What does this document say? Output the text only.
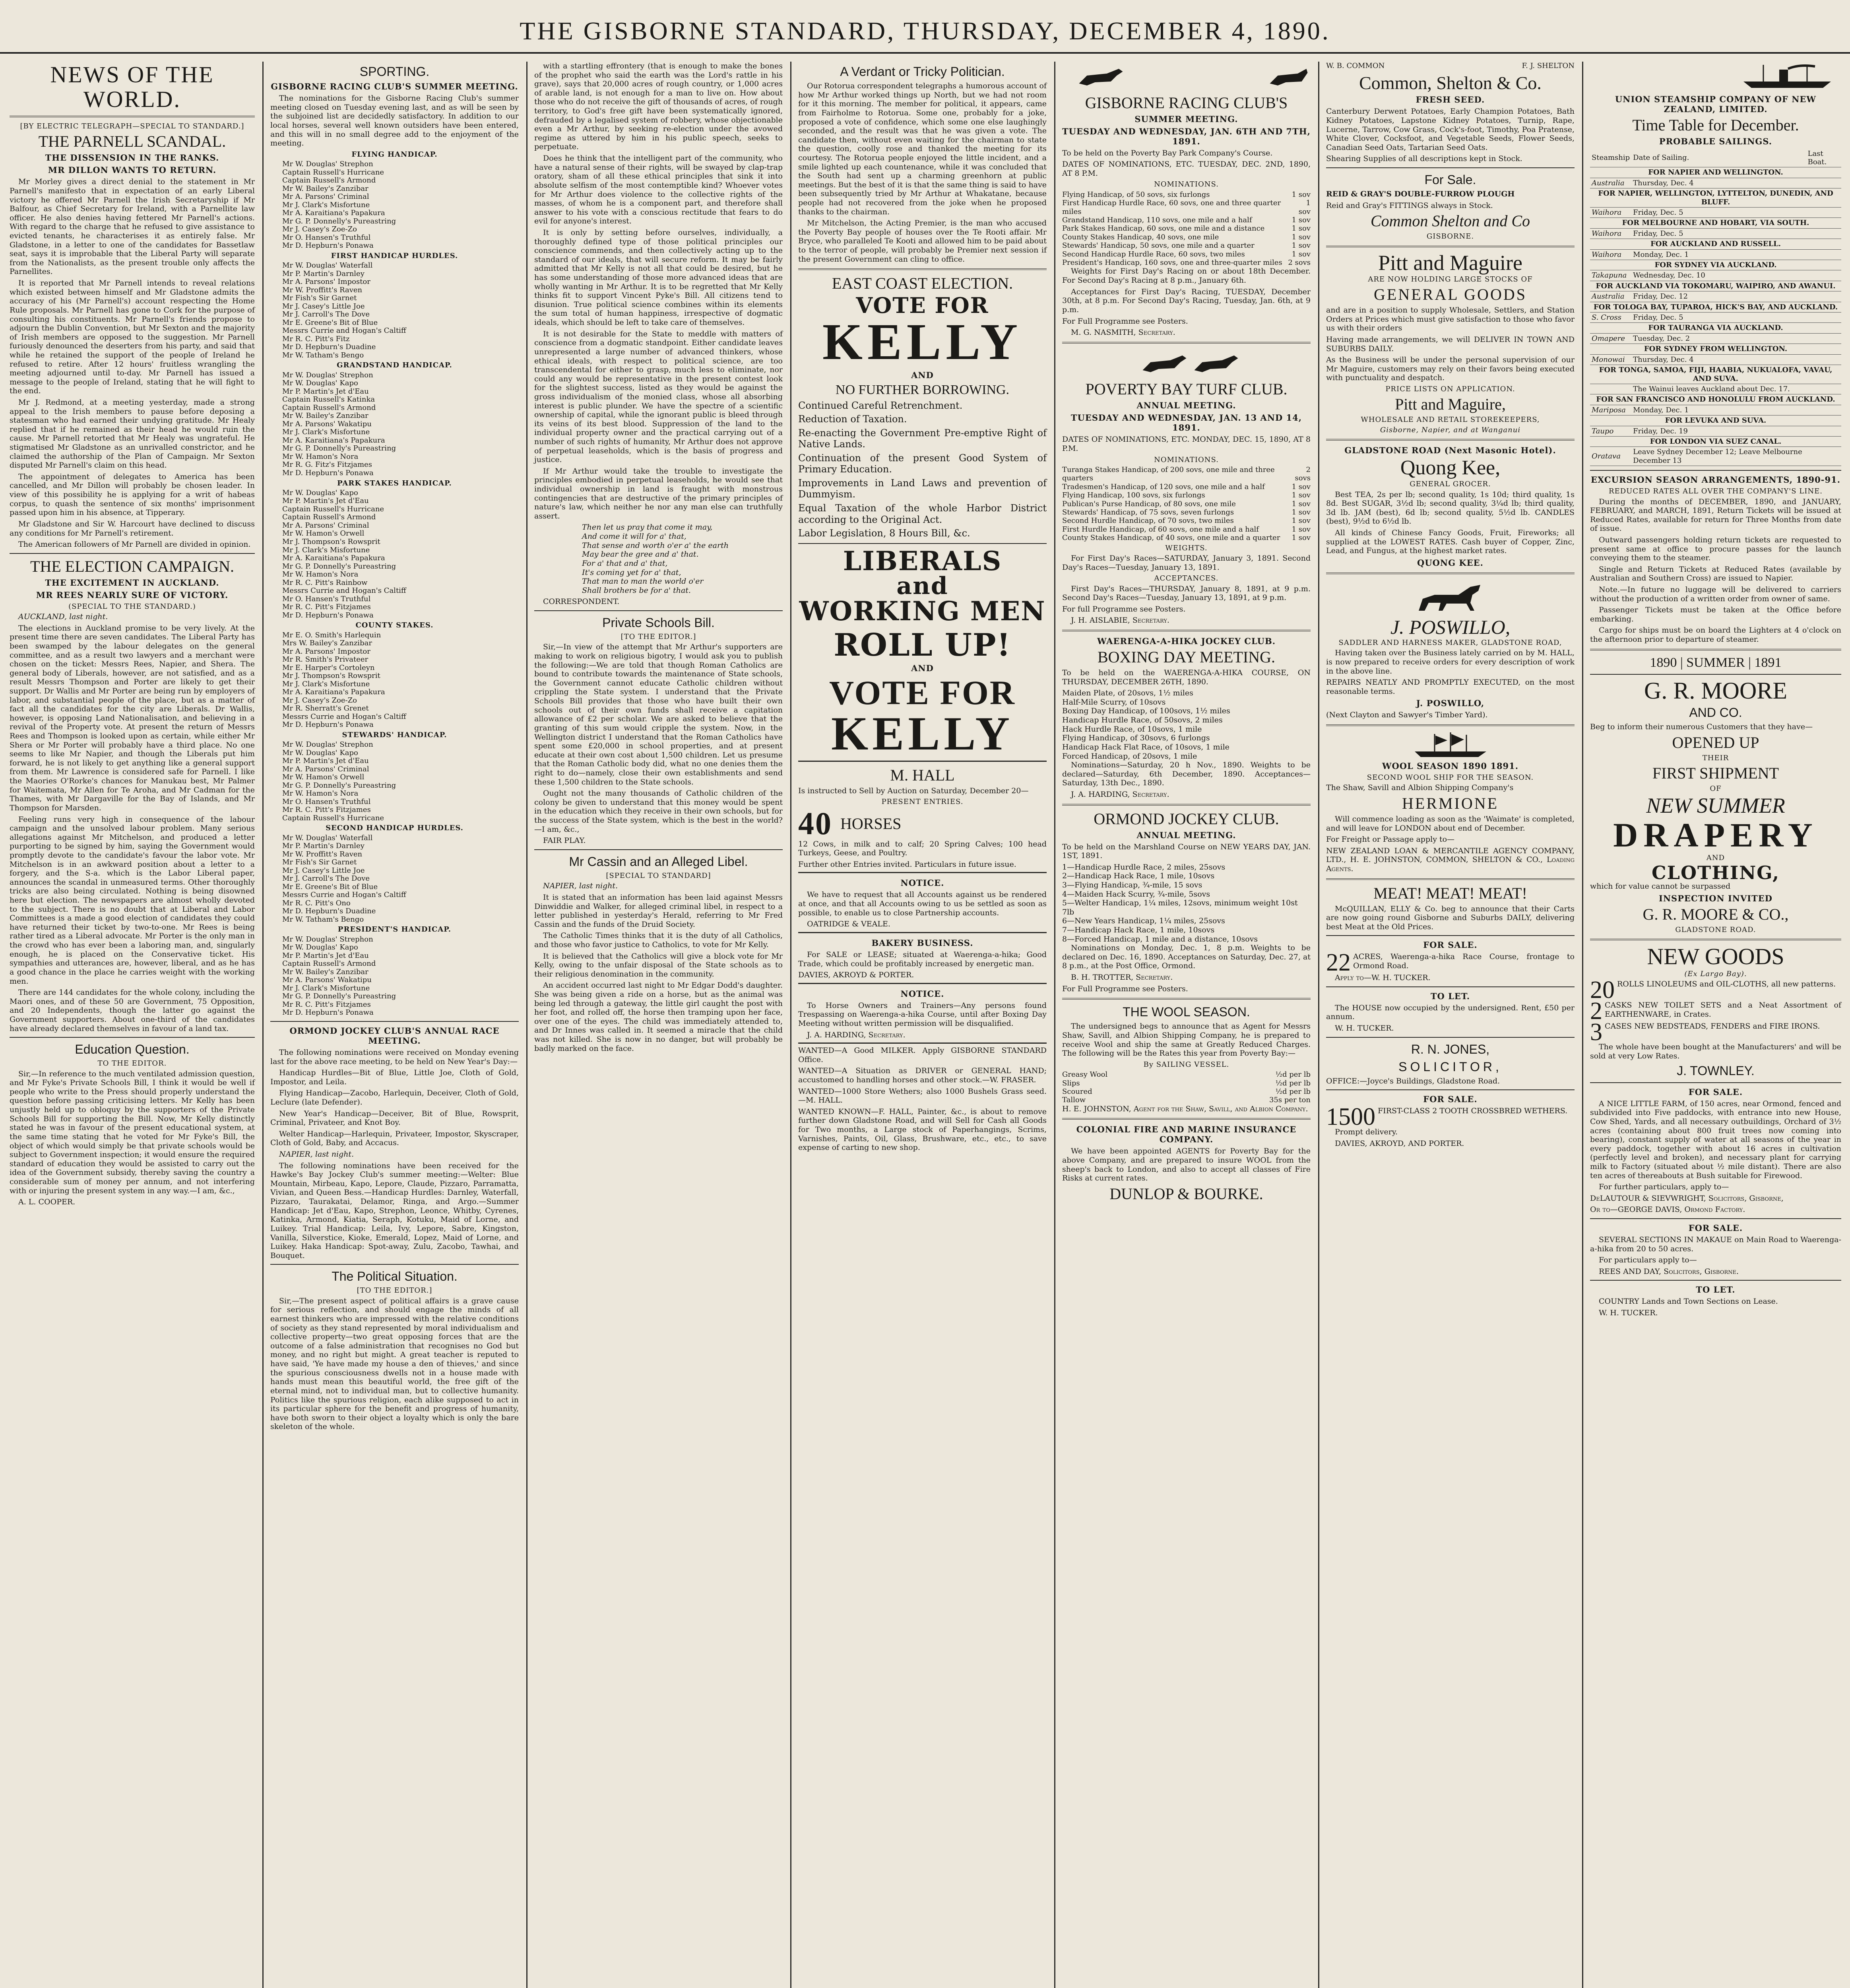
THE GISBORNE STANDARD, THURSDAY, DECEMBER 4, 1890.
NEWS OF THE
WORLD.
[BY ELECTRIC TELEGRAPH—SPECIAL TO STANDARD.]
THE PARNELL SCANDAL.
THE DISSENSION IN THE RANKS.
MR DILLON WANTS TO RETURN.

Mr Morley gives a direct denial to the statement in Mr Parnell's manifesto that in expectation of an early Liberal victory he offered Mr Parnell the Irish Secretaryship if Mr Balfour, as Chief Secretary for Ireland, with a Parnellite law officer. He also denies having fettered Mr Parnell's actions. With regard to the charge that he refused to give assistance to evicted tenants, he characterises it as entirely false. Mr Gladstone, in a letter to one of the candidates for Bassetlaw seat, says it is improbable that the Liberal Party will separate from the Nationalists, as the present trouble only affects the Parnellites.

It is reported that Mr Parnell intends to reveal relations which existed between himself and Mr Gladstone admits the accuracy of his (Mr Parnell's) account respecting the Home Rule proposals. Mr Parnell has gone to Cork for the purpose of consulting his constituents. Mr Parnell's friends propose to adjourn the Dublin Convention, but Mr Sexton and the majority of Irish members are opposed to the suggestion. Mr Parnell furiously denounced the deserters from his party, and said that while he retained the support of the people of Ireland he refused to retire. After 12 hours' fruitless wrangling the meeting adjourned until to-day. Mr Parnell has issued a message to the people of Ireland, stating that he will fight to the end.

Mr J. Redmond, at a meeting yesterday, made a strong appeal to the Irish members to pause before deposing a statesman who had earned their undying gratitude. Mr Healy replied that if he remained as their head he would ruin the cause. Mr Parnell retorted that Mr Healy was ungrateful. He stigmatised Mr Gladstone as an unrivalled constrictor, and he claimed the authorship of the Plan of Campaign. Mr Sexton disputed Mr Parnell's claim on this head.

The appointment of delegates to America has been cancelled, and Mr Dillon will probably be chosen leader. In view of this possibility he is applying for a writ of habeas corpus, to quash the sentence of six months' imprisonment passed upon him in his absence, at Tipperary.

Mr Gladstone and Sir W. Harcourt have declined to discuss any conditions for Mr Parnell's retirement.

The American followers of Mr Parnell are divided in opinion.

THE ELECTION CAMPAIGN.
THE EXCITEMENT IN AUCKLAND.
MR REES NEARLY SURE OF VICTORY.
(SPECIAL TO THE STANDARD.)

AUCKLAND, last night.

The elections in Auckland promise to be very lively. At the present time there are seven candidates. The Liberal Party has been swamped by the labour delegates on the general committee, and as a result two lawyers and a merchant were chosen on the ticket: Messrs Rees, Napier, and Shera. The general body of Liberals, however, are not satisfied, and as a result Messrs Thompson and Porter are likely to get their support. Dr Wallis and Mr Porter are being run by employers of labor, and substantial people of the place, but as a matter of fact all the candidates for the city are Liberals. Dr Wallis, however, is opposing Land Nationalisation, and believing in a revival of the Property vote. At present the return of Messrs Rees and Thompson is looked upon as certain, while either Mr Shera or Mr Porter will probably have a third place. No one seems to like Mr Napier, and though the Liberals put him forward, he is not likely to get anything like a general support from them. Mr Lawrence is considered safe for Parnell. I like the Maories O'Rorke's chances for Manukau best, Mr Palmer for Waitemata, Mr Allen for Te Aroha, and Mr Cadman for the Thames, with Mr Dargaville for the Bay of Islands, and Mr Thompson for Marsden.

Feeling runs very high in consequence of the labour campaign and the unsolved labour problem. Many serious allegations against Mr Mitchelson, and produced a letter purporting to be signed by him, saying the Government would promptly devote to the candidate's favour the labor vote. Mr Mitchelson is in an awkward position about a letter to a forgery, and the S-a. which is the Labor Liberal paper, announces the scandal in unmeasured terms. Other thoroughly tricks are also being circulated. Nothing is being disowned here but election. The newspapers are almost wholly devoted to the subject. There is no doubt that at Liberal and Labor Committees is a made a good election of candidates they could have returned their ticket by two-to-one. Mr Rees is being rather tired as a Liberal advocate. Mr Porter is the only man in the crowd who has ever been a laboring man, and, singularly enough, he is placed on the Conservative ticket. His sympathies and utterances are, however, liberal, and as he has a good chance in the place he carries weight with the working men.

There are 144 candidates for the whole colony, including the Maori ones, and of these 50 are Government, 75 Opposition, and 20 Independents, though the latter go against the Government supporters. About one-third of the candidates have already declared themselves in favour of a land tax.

Education Question.
TO THE EDITOR.

Sir,—In reference to the much ventilated admission question, and Mr Fyke's Private Schools Bill, I think it would be well if people who write to the Press should properly understand the question before passing criticising letters. Mr Kelly has been unjustly held up to obloquy by the supporters of the Private Schools Bill for supporting the Bill. Now, Mr Kelly distinctly stated he was in favour of the present educational system, at the same time stating that he voted for Mr Fyke's Bill, the object of which would simply be that private schools would be subject to Government inspection; it would ensure the required standard of education they would be assisted to carry out the idea of the Government subsidy, thereby saving the country a considerable sum of money per annum, and not interfering with or injuring the present system in any way.—I am, &c.,

A. L. COOPER.

SPORTING.
GISBORNE RACING CLUB'S SUMMER MEETING.

The nominations for the Gisborne Racing Club's summer meeting closed on Tuesday evening last, and as will be seen by the subjoined list are decidedly satisfactory. In addition to our local horses, several well known outsiders have been entered, and this will in no small degree add to the enjoyment of the meeting.

FLYING HANDICAP.
Mr W. Douglas' Strephon
Captain Russell's Hurricane
Captain Russell's Armond
Mr W. Bailey's Zanzibar
Mr A. Parsons' Criminal
Mr J. Clark's Misfortune
Mr A. Karaitiana's Papakura
Mr G. P. Donnelly's Pureastring
Mr J. Casey's Zoe-Zo
Mr O. Hansen's Truthful
Mr D. Hepburn's Ponawa
FIRST HANDICAP HURDLES.
Mr W. Douglas' Waterfall
Mr P. Martin's Darnley
Mr A. Parsons' Impostor
Mr W. Proffitt's Raven
Mr Fish's Sir Garnet
Mr J. Casey's Little Joe
Mr J. Carroll's The Dove
Mr E. Greene's Bit of Blue
Messrs Currie and Hogan's Caltiff
Mr R. C. Pitt's Fitz
Mr D. Hepburn's Duadine
Mr W. Tatham's Bengo
GRANDSTAND HANDICAP.
Mr W. Douglas' Strephon
Mr W. Douglas' Kapo
Mr P. Martin's Jet d'Eau
Captain Russell's Katinka
Captain Russell's Armond
Mr W. Bailey's Zanzibar
Mr A. Parsons' Wakatipu
Mr J. Clark's Misfortune
Mr A. Karaitiana's Papakura
Mr G. P. Donnelly's Pureastring
Mr W. Hamon's Nora
Mr R. G. Fitz's Fitzjames
Mr D. Hepburn's Ponawa
PARK STAKES HANDICAP.
Mr W. Douglas' Kapo
Mr P. Martin's Jet d'Eau
Captain Russell's Hurricane
Captain Russell's Armond
Mr A. Parsons' Criminal
Mr W. Hamon's Orwell
Mr J. Thompson's Rowsprit
Mr J. Clark's Misfortune
Mr A. Karaitiana's Papakura
Mr G. P. Donnelly's Pureastring
Mr W. Hamon's Nora
Mr R. C. Pitt's Rainbow
Messrs Currie and Hogan's Caltiff
Mr O. Hansen's Truthful
Mr R. C. Pitt's Fitzjames
Mr D. Hepburn's Ponawa
COUNTY STAKES.
Mr E. O. Smith's Harlequin
Mrs W. Bailey's Zanzibar
Mr A. Parsons' Impostor
Mr R. Smith's Privateer
Mr E. Harper's Cortoleyn
Mr J. Thompson's Rowsprit
Mr J. Clark's Misfortune
Mr A. Karaitiana's Papakura
Mr J. Casey's Zoe-Zo
Mr R. Sherratt's Grenet
Messrs Currie and Hogan's Caltiff
Mr D. Hepburn's Ponawa
STEWARDS' HANDICAP.
Mr W. Douglas' Strephon
Mr W. Douglas' Kapo
Mr P. Martin's Jet d'Eau
Mr A. Parsons' Criminal
Mr W. Hamon's Orwell
Mr G. P. Donnelly's Pureastring
Mr W. Hamon's Nora
Mr O. Hansen's Truthful
Mr R. C. Pitt's Fitzjames
Captain Russell's Hurricane
SECOND HANDICAP HURDLES.
Mr W. Douglas' Waterfall
Mr P. Martin's Darnley
Mr W. Proffitt's Raven
Mr Fish's Sir Garnet
Mr J. Casey's Little Joe
Mr J. Carroll's The Dove
Mr E. Greene's Bit of Blue
Messrs Currie and Hogan's Caltiff
Mr R. C. Pitt's Ono
Mr D. Hepburn's Duadine
Mr W. Tatham's Bengo
PRESIDENT'S HANDICAP.
Mr W. Douglas' Strephon
Mr W. Douglas' Kapo
Mr P. Martin's Jet d'Eau
Captain Russell's Armond
Mr W. Bailey's Zanzibar
Mr A. Parsons' Wakatipu
Mr J. Clark's Misfortune
Mr G. P. Donnelly's Pureastring
Mr R. C. Pitt's Fitzjames
Mr D. Hepburn's Ponawa
ORMOND JOCKEY CLUB'S ANNUAL RACE MEETING.

The following nominations were received on Monday evening last for the above race meeting, to be held on New Year's Day:—

Handicap Hurdles—Bit of Blue, Little Joe, Cloth of Gold, Impostor, and Leila.

Flying Handicap—Zacobo, Harlequin, Deceiver, Cloth of Gold, Leclure (late Defender).

New Year's Handicap—Deceiver, Bit of Blue, Rowsprit, Criminal, Privateer, and Knot Boy.

Welter Handicap—Harlequin, Privateer, Impostor, Skyscraper, Cloth of Gold, Baby, and Accacus.

NAPIER, last night.

The following nominations have been received for the Hawke's Bay Jockey Club's summer meeting:—Welter: Blue Mountain, Mirbeau, Kapo, Lepore, Claude, Pizzaro, Parramatta, Vivian, and Queen Bess.—Handicap Hurdles: Darnley, Waterfall, Pizzaro, Taurakatai, Delamor, Ringa, and Argo.—Summer Handicap: Jet d'Eau, Kapo, Strephon, Leonce, Whitby, Cyrenes, Katinka, Armond, Kiatia, Seraph, Kotuku, Maid of Lorne, and Luikey. Trial Handicap: Leila, Ivy, Lepore, Sabre, Kingston, Vanilla, Silverstice, Kioke, Emerald, Lopez, Maid of Lorne, and Luikey. Haka Handicap: Spot-away, Zulu, Zacobo, Tawhai, and Bouquet.

The Political Situation.
[TO THE EDITOR.]

Sir,—The present aspect of political affairs is a grave cause for serious reflection, and should engage the minds of all earnest thinkers who are impressed with the relative conditions of society as they stand represented by moral individualism and collective property—two great opposing forces that are the outcome of a false administration that recognises no God but money, and no right but might. A great teacher is reputed to have said, 'Ye have made my house a den of thieves,' and since the spurious consciousness dwells not in a house made with hands must mean this beautiful world, the free gift of the eternal mind, not to individual man, but to collective humanity. Politics like the spurious religion, each alike supposed to act in its particular sphere for the benefit and progress of humanity, have both sworn to their object a loyalty which is only the bare skeleton of the whole.

with a startling effrontery (that is enough to make the bones of the prophet who said the earth was the Lord's rattle in his grave), says that 20,000 acres of rough country, or 1,000 acres of arable land, is not enough for a man to live on. How about those who do not receive the gift of thousands of acres, of rough territory, to God's free gift have been systematically ignored, defrauded by a legalised system of robbery, whose objectionable even a Mr Arthur, by seeking re-election under the avowed regime as uttered by him in his public speech, seeks to perpetuate.

Does he think that the intelligent part of the community, who have a natural sense of their rights, will be swayed by clap-trap oratory, sham of all these ethical principles that sink it into absolute selfism of the most contemptible kind? Whoever votes for Mr Arthur does violence to the collective rights of the masses, of whom he is a component part, and therefore shall answer to his vote with a conscious rectitude that fears to do evil for anyone's interest.

It is only by setting before ourselves, individually, a thoroughly defined type of those political principles our conscience commends, and then collectively acting up to the standard of our ideals, that will secure reform. It may be fairly admitted that Mr Kelly is not all that could be desired, but he has some understanding of those more advanced ideas that are wholly wanting in Mr Arthur. It is to be regretted that Mr Kelly thinks fit to support Vincent Pyke's Bill. All citizens tend to disunion. True political science combines within its elements the sum total of human happiness, irrespective of dogmatic ideals, which should be left to take care of themselves.

It is not desirable for the State to meddle with matters of conscience from a dogmatic standpoint. Either candidate leaves unrepresented a large number of advanced thinkers, whose ethical ideals, with respect to political science, are too transcendental for either to grasp, much less to eliminate, nor could any would be representative in the present contest look for the slightest success, listed as they would be against the gross individualism of the monied class, whose all absorbing interest is public plunder. We have the spectre of a scientific ownership of capital, while the ignorant public is bleed through its veins of its best blood. Suppression of the land to the individual property owner and the practical carrying out of a number of such rights of humanity, Mr Arthur does not approve of perpetual leaseholds, which is the basis of progress and justice.

If Mr Arthur would take the trouble to investigate the principles embodied in perpetual leaseholds, he would see that individual ownership in land is fraught with monstrous contingencies that are destructive of the primary principles of nature's law, which neither he nor any man else can truthfully assert.

Then let us pray that come it may,
And come it will for a' that,
That sense and worth o'er a' the earth
May bear the gree and a' that.
For a' that and a' that,
It's coming yet for a' that,
That man to man the world o'er
Shall brothers be for a' that.

CORRESPONDENT.

Private Schools Bill.
[TO THE EDITOR.]

Sir,—In view of the attempt that Mr Arthur's supporters are making to work on religious bigotry, I would ask you to publish the following:—We are told that though Roman Catholics are bound to contribute towards the maintenance of State schools, the Government cannot educate Catholic children without crippling the State system. I understand that the Private Schools Bill provides that those who have built their own schools out of their own funds shall receive a capitation allowance of £2 per scholar. We are asked to believe that the granting of this sum would cripple the system. Now, in the Wellington district I understand that the Roman Catholics have spent some £20,000 in school properties, and at present educate at their own cost about 1,500 children. Let us presume that the Roman Catholic body did, what no one denies them the right to do—namely, close their own establishments and send these 1,500 children to the State schools.

Ought not the many thousands of Catholic children of the colony be given to understand that this money would be spent in the education which they receive in their own schools, but for the success of the State system, which is the best in the world?—I am, &c.,

FAIR PLAY.

Mr Cassin and an Alleged Libel.
[SPECIAL TO STANDARD]

NAPIER, last night.

It is stated that an information has been laid against Messrs Dinwiddie and Walker, for alleged criminal libel, in respect to a letter published in yesterday's Herald, referring to Mr Fred Cassin and the funds of the Druid Society.

The Catholic Times thinks that it is the duty of all Catholics, and those who favor justice to Catholics, to vote for Mr Kelly.

It is believed that the Catholics will give a block vote for Mr Kelly, owing to the unfair disposal of the State schools as to their religious denomination in the community.

An accident occurred last night to Mr Edgar Dodd's daughter. She was being given a ride on a horse, but as the animal was being led through a gateway, the little girl caught the post with her foot, and rolled off, the horse then tramping upon her face, over one of the eyes. The child was immediately attended to, and Dr Innes was called in. It seemed a miracle that the child was not killed. She is now in no danger, but will probably be badly marked on the face.

A Verdant or Tricky Politician.

Our Rotorua correspondent telegraphs a humorous account of how Mr Arthur worked things up North, but we had not room for it this morning. The member for political, it appears, came from Fairholme to Rotorua. Some one, probably for a joke, proposed a vote of confidence, which some one else laughingly seconded, and the result was that he was given a vote. The candidate then, without even waiting for the chairman to state the question, coolly rose and thanked the meeting for its courtesy. The Rotorua people enjoyed the little incident, and a smile lighted up each countenance, while it was concluded that the South had sent up a charming greenhorn at public meetings. But the best of it is that the same thing is said to have been subsequently tried by Mr Arthur at Whakatane, because people had not recovered from the joke when he proposed thanks to the chairman.

Mr Mitchelson, the Acting Premier, is the man who accused the Poverty Bay people of houses over the Te Rooti affair. Mr Bryce, who paralleled Te Kooti and allowed him to be paid about to the terror of people, will probably be Premier next session if the present Government can cling to office.

EAST COAST ELECTION.
VOTE FOR
KELLY
AND
NO FURTHER BORROWING.

Continued Careful Retrenchment.

Reduction of Taxation.

Re-enacting the Government Pre-emptive Right of Native Lands.

Continuation of the present Good System of Primary Education.

Improvements in Land Laws and prevention of Dummyism.

Equal Taxation of the whole Harbor District according to the Original Act.

Labor Legislation, 8 Hours Bill, &c.

LIBERALS
and
WORKING MEN
ROLL UP!
AND
VOTE FOR
KELLY
M. HALL

Is instructed to Sell by Auction on Saturday, December 20—

PRESENT ENTRIES.
40 HORSES

12 Cows, in milk and to calf; 20 Spring Calves; 100 head Turkeys, Geese, and Poultry.

Further other Entries invited. Particulars in future issue.

NOTICE.

We have to request that all Accounts against us be rendered at once, and that all Accounts owing to us be settled as soon as possible, to enable us to close Partnership accounts.

OATRIDGE & VEALE.

BAKERY BUSINESS.

For SALE or LEASE; situated at Waerenga-a-hika; Good Trade, which could be profitably increased by energetic man.

DAVIES, AKROYD & PORTER.

NOTICE.

To Horse Owners and Trainers—Any persons found Trespassing on Waerenga-a-hika Course, until after Boxing Day Meeting without written permission will be disqualified.

J. A. HARDING, Secretary.

WANTED—A Good MILKER. Apply GISBORNE STANDARD Office.

WANTED—A Situation as DRIVER or GENERAL HAND; accustomed to handling horses and other stock.—W. FRASER.

WANTED—1000 Store Wethers; also 1000 Bushels Grass seed.—M. HALL.

WANTED KNOWN—F. HALL, Painter, &c., is about to remove further down Gladstone Road, and will Sell for Cash all Goods for Two months, a Large stock of Paperhangings, Scrims, Varnishes, Paints, Oil, Glass, Brushware, etc., etc., to save expense of carting to new shop.

GISBORNE RACING CLUB'S
SUMMER MEETING.
TUESDAY AND WEDNESDAY, JAN. 6TH AND 7TH, 1891.

To be held on the Poverty Bay Park Company's Course.

DATES OF NOMINATIONS, ETC. TUESDAY, DEC. 2ND, 1890, AT 8 P.M.

NOMINATIONS.
Flying Handicap, of 50 sovs, six furlongs	1 sov
First Handicap Hurdle Race, 60 sovs, one and three quarter miles
1 sov
Grandstand Handicap, 110 sovs, one mile and a half	1 sov
Park Stakes Handicap, 60 sovs, one mile and a distance	1 sov
County Stakes Handicap, 40 sovs, one mile	1 sov
Stewards' Handicap, 50 sovs, one mile and a quarter	1 sov
Second Handicap Hurdle Race, 60 sovs, two miles	1 sov
President's Handicap, 160 sovs, one and three-quarter miles 2 sovs

Weights for First Day's Racing on or about 18th December. For Second Day's Racing at 8 p.m., January 6th.

Acceptances for First Day's Racing, TUESDAY, December 30th, at 8 p.m. For Second Day's Racing, Tuesday, Jan. 6th, at 9 p.m.

For Full Programme see Posters.

M. G. NASMITH, Secretary.

POVERTY BAY TURF CLUB.
ANNUAL MEETING.
TUESDAY AND WEDNESDAY, JAN. 13 AND 14, 1891.

DATES OF NOMINATIONS, ETC. MONDAY, DEC. 15, 1890, AT 8 P.M.

NOMINATIONS.
Turanga Stakes Handicap, of 200 sovs, one mile and three quarters
2 sovs
Tradesmen's Handicap, of 120 sovs, one mile and a half	1 sov
Flying Handicap, 100 sovs, six furlongs	1 sov
Publican's Purse Handicap, of 80 sovs, one mile	1 sov
Stewards' Handicap, of 75 sovs, seven furlongs	1 sov
Second Hurdle Handicap, of 70 sovs, two miles	1 sov
First Hurdle Handicap, of 60 sovs, one mile and a half	1 sov
County Stakes Handicap, of 40 sovs, one mile and a quarter 1 sov
WEIGHTS.

For First Day's Races—SATURDAY, January 3, 1891. Second Day's Races—Tuesday, January 13, 1891.

ACCEPTANCES.

First Day's Races—THURSDAY, January 8, 1891, at 9 p.m. Second Day's Races—Tuesday, January 13, 1891, at 9 p.m.

For full Programme see Posters.

J. H. AISLABIE, Secretary.

WAERENGA-A-HIKA JOCKEY CLUB.
BOXING DAY MEETING.

To be held on the WAERENGA-A-HIKA COURSE, ON THURSDAY, DECEMBER 26TH, 1890.

Maiden Plate, of 20sovs, 1½ miles
Half-Mile Scurry, of 10sovs
Boxing Day Handicap, of 100sovs, 1½ miles
Handicap Hurdle Race, of 50sovs, 2 miles
Hack Hurdle Race, of 10sovs, 1 mile
Flying Handicap, of 30sovs, 6 furlongs
Handicap Hack Flat Race, of 10sovs, 1 mile
Forced Handicap, of 20sovs, 1 mile

Nominations—Saturday, 20 h Nov., 1890. Weights to be declared—Saturday, 6th December, 1890. Acceptances—Saturday, 13th Dec., 1890.

J. A. HARDING, Secretary.

ORMOND JOCKEY CLUB.
ANNUAL MEETING.

To be held on the Marshland Course on NEW YEARS DAY, JAN. 1ST, 1891.

1—Handicap Hurdle Race, 2 miles, 25sovs
2—Handicap Hack Race, 1 mile, 10sovs
3—Flying Handicap, ¾-mile, 15 sovs
4—Maiden Hack Scurry, ¾-mile, 5sovs
5—Welter Handicap, 1¼ miles, 12sovs, minimum weight 10st 7lb
6—New Years Handicap, 1¼ miles, 25sovs
7—Handicap Hack Race, 1 mile, 10sovs
8—Forced Handicap, 1 mile and a distance, 10sovs

Nominations on Monday, Dec. 1, 8 p.m. Weights to be declared on Dec. 16, 1890. Acceptances on Saturday, Dec. 27, at 8 p.m., at the Post Office, Ormond.

B. H. TROTTER, Secretary.

For Full Programme see Posters.

THE WOOL SEASON.

The undersigned begs to announce that as Agent for Messrs Shaw, Savill, and Albion Shipping Company, he is prepared to receive Wool and ship the same at Greatly Reduced Charges. The following will be the Rates this year from Poverty Bay:—

By SAILING VESSEL.
Greasy Wool	½d per lb
Slips	½d per lb
Scoured	½d per lb
Tallow	35s per ton

H. E. JOHNSTON, Agent for the Shaw, Savill, and Albion Company.

COLONIAL FIRE AND MARINE INSURANCE COMPANY.

We have been appointed AGENTS for Poverty Bay for the above Company, and are prepared to insure WOOL from the sheep's back to London, and also to accept all classes of Fire Risks at current rates.

DUNLOP & BOURKE.
W. B. COMMON	F. J. SHELTON
Common, Shelton & Co.
FRESH SEED.

Canterbury Derwent Potatoes, Early Champion Potatoes, Bath Kidney Potatoes, Lapstone Kidney Potatoes, Turnip, Rape, Lucerne, Tarrow, Cow Grass, Cock's-foot, Timothy, Poa Pratense, White Clover, Cocksfoot, and Vegetable Seeds, Flower Seeds, Canadian Seed Oats, Tartarian Seed Oats.

Shearing Supplies of all descriptions kept in Stock.

For Sale.

REID & GRAY'S DOUBLE-FURROW PLOUGH

Reid and Gray's FITTINGS always in Stock.

Common Shelton and Co
GISBORNE.
Pitt and Maguire
ARE NOW HOLDING LARGE STOCKS OF
GENERAL GOODS

and are in a position to supply Wholesale, Settlers, and Station Orders at Prices which must give satisfaction to those who favor us with their orders

Having made arrangements, we will DELIVER IN TOWN AND SUBURBS DAILY.

As the Business will be under the personal supervision of our Mr Maguire, customers may rely on their favors being executed with punctuality and despatch.

PRICE LISTS ON APPLICATION.
Pitt and Maguire,
WHOLESALE AND RETAIL STOREKEEPERS,
Gisborne, Napier, and at Wanganui
GLADSTONE ROAD (Next Masonic Hotel).
Quong Kee,
GENERAL GROCER.

Best TEA, 2s per lb; second quality, 1s 10d; third quality, 1s 8d. Best SUGAR, 3½d lb; second quality, 3¼d lb; third quality, 3d lb. JAM (best), 6d lb; second quality, 5½d lb. CANDLES (best), 9½d to 6½d lb.

All kinds of Chinese Fancy Goods, Fruit, Fireworks; all supplied at the LOWEST RATES. Cash buyer of Copper, Zinc, Lead, and Fungus, at the highest market rates.

QUONG KEE.
J. POSWILLO,
SADDLER AND HARNESS MAKER, GLADSTONE ROAD,

Having taken over the Business lately carried on by M. HALL, is now prepared to receive orders for every description of work in the above line.

REPAIRS NEATLY AND PROMPTLY EXECUTED, on the most reasonable terms.

J. POSWILLO,

(Next Clayton and Sawyer's Timber Yard).

WOOL SEASON 1890 1891.
SECOND WOOL SHIP FOR THE SEASON.

The Shaw, Savill and Albion Shipping Company's

HERMIONE

Will commence loading as soon as the 'Waimate' is completed, and will leave for LONDON about end of December.

For Freight or Passage apply to—

NEW ZEALAND LOAN & MERCANTILE AGENCY COMPANY, LTD., H. E. JOHNSTON, COMMON, SHELTON & CO., Loading Agents.

MEAT! MEAT! MEAT!

McQUILLAN, ELLY & Co. beg to announce that their Carts are now going round Gisborne and Suburbs DAILY, delivering best Meat at the Old Prices.

FOR SALE.

22 ACRES, Waerenga-a-hika Race Course, frontage to Ormond Road.

Apply to—W. H. TUCKER.

TO LET.

The HOUSE now occupied by the undersigned. Rent, £50 per annum.

W. H. TUCKER.

R. N. JONES,
SOLICITOR,

OFFICE:—Joyce's Buildings, Gladstone Road.

FOR SALE.

1500 FIRST-CLASS 2 TOOTH CROSSBRED WETHERS.

Prompt delivery.

DAVIES, AKROYD, AND PORTER.

UNION STEAMSHIP COMPANY OF NEW ZEALAND, LIMITED.
Time Table for December.
PROBABLE SAILINGS.
Steamship	Date of Sailing.	Last Boat.
FOR NAPIER AND WELLINGTON.		
Australia	Thursday, Dec. 4	
FOR NAPIER, WELLINGTON, LYTTELTON, DUNEDIN, AND BLUFF.		
Waihora	Friday, Dec. 5	
FOR MELBOURNE AND HOBART, VIA SOUTH.		
Waihora	Friday, Dec. 5	
FOR AUCKLAND AND RUSSELL.		
Waihora	Monday, Dec. 1	
FOR SYDNEY VIA AUCKLAND.		
Takapuna	Wednesday, Dec. 10	
FOR AUCKLAND VIA TOKOMARU, WAIPIRO, AND AWANUI.		
Australia	Friday, Dec. 12	
FOR TOLOGA BAY, TUPAROA, HICK'S BAY, AND AUCKLAND.		
S. Cross	Friday, Dec. 5	
FOR TAURANGA VIA AUCKLAND.		
Omapere	Tuesday, Dec. 2	
FOR SYDNEY FROM WELLINGTON.		
Monowai	Thursday, Dec. 4	
FOR TONGA, SAMOA, FIJI, HAABIA, NUKUALOFA, VAVAU, AND SUVA.		
	The Wainui leaves Auckland about Dec. 17.	
FOR SAN FRANCISCO AND HONOLULU FROM AUCKLAND.		
Mariposa	Monday, Dec. 1	
FOR LEVUKA AND SUVA.		
Taupo	Friday, Dec. 19	
FOR LONDON VIA SUEZ CANAL.		
Oratava	Leave Sydney December 12; Leave Melbourne December 13	
EXCURSION SEASON ARRANGEMENTS, 1890-91.
REDUCED RATES ALL OVER THE COMPANY'S LINE.

During the months of DECEMBER, 1890, and JANUARY, FEBRUARY, and MARCH, 1891, Return Tickets will be issued at Reduced Rates, available for return for Three Months from date of issue.

Outward passengers holding return tickets are requested to present same at office to procure passes for the launch conveying them to the steamer.

Single and Return Tickets at Reduced Rates (available by Australian and Southern Cross) are issued to Napier.

Note.—In future no luggage will be delivered to carriers without the production of a written order from owner of same.

Passenger Tickets must be taken at the Office before embarking.

Cargo for ships must be on board the Lighters at 4 o'clock on the afternoon prior to departure of steamer.

1890 | SUMMER | 1891
G. R. MOORE
AND CO.

Beg to inform their numerous Customers that they have—

OPENED UP
THEIR
FIRST SHIPMENT
OF
NEW SUMMER
DRAPERY
AND
CLOTHING,

which for value cannot be surpassed

INSPECTION INVITED
G. R. MOORE & CO.,
GLADSTONE ROAD.
NEW GOODS
(Ex Largo Bay).

20 ROLLS LINOLEUMS and OIL-CLOTHS, all new patterns.

2 CASKS NEW TOILET SETS and a Neat Assortment of EARTHENWARE, in Crates.

3 CASES NEW BEDSTEADS, FENDERS and FIRE IRONS.

The whole have been bought at the Manufacturers' and will be sold at very Low Rates.

J. TOWNLEY.
FOR SALE.

A NICE LITTLE FARM, of 150 acres, near Ormond, fenced and subdivided into Five paddocks, with entrance into new House, Cow Shed, Yards, and all necessary outbuildings, Orchard of 3½ acres (containing about 800 fruit trees now coming into bearing), constant supply of water at all seasons of the year in every paddock, together with about 16 acres in cultivation (perfectly level and broken), and necessary plant for carrying milk to Factory (situated about ½ mile distant). There are also ten acres of thereabouts at Bush suitable for Firewood.

For further particulars, apply to—

DeLAUTOUR & SIEVWRIGHT, Solicitors, Gisborne,

Or to—GEORGE DAVIS, Ormond Factory.

FOR SALE.

SEVERAL SECTIONS IN MAKAUE on Main Road to Waerenga-a-hika from 20 to 50 acres.

For particulars apply to—

REES AND DAY, Solicitors, Gisborne.

TO LET.

COUNTRY Lands and Town Sections on Lease.

W. H. TUCKER.
